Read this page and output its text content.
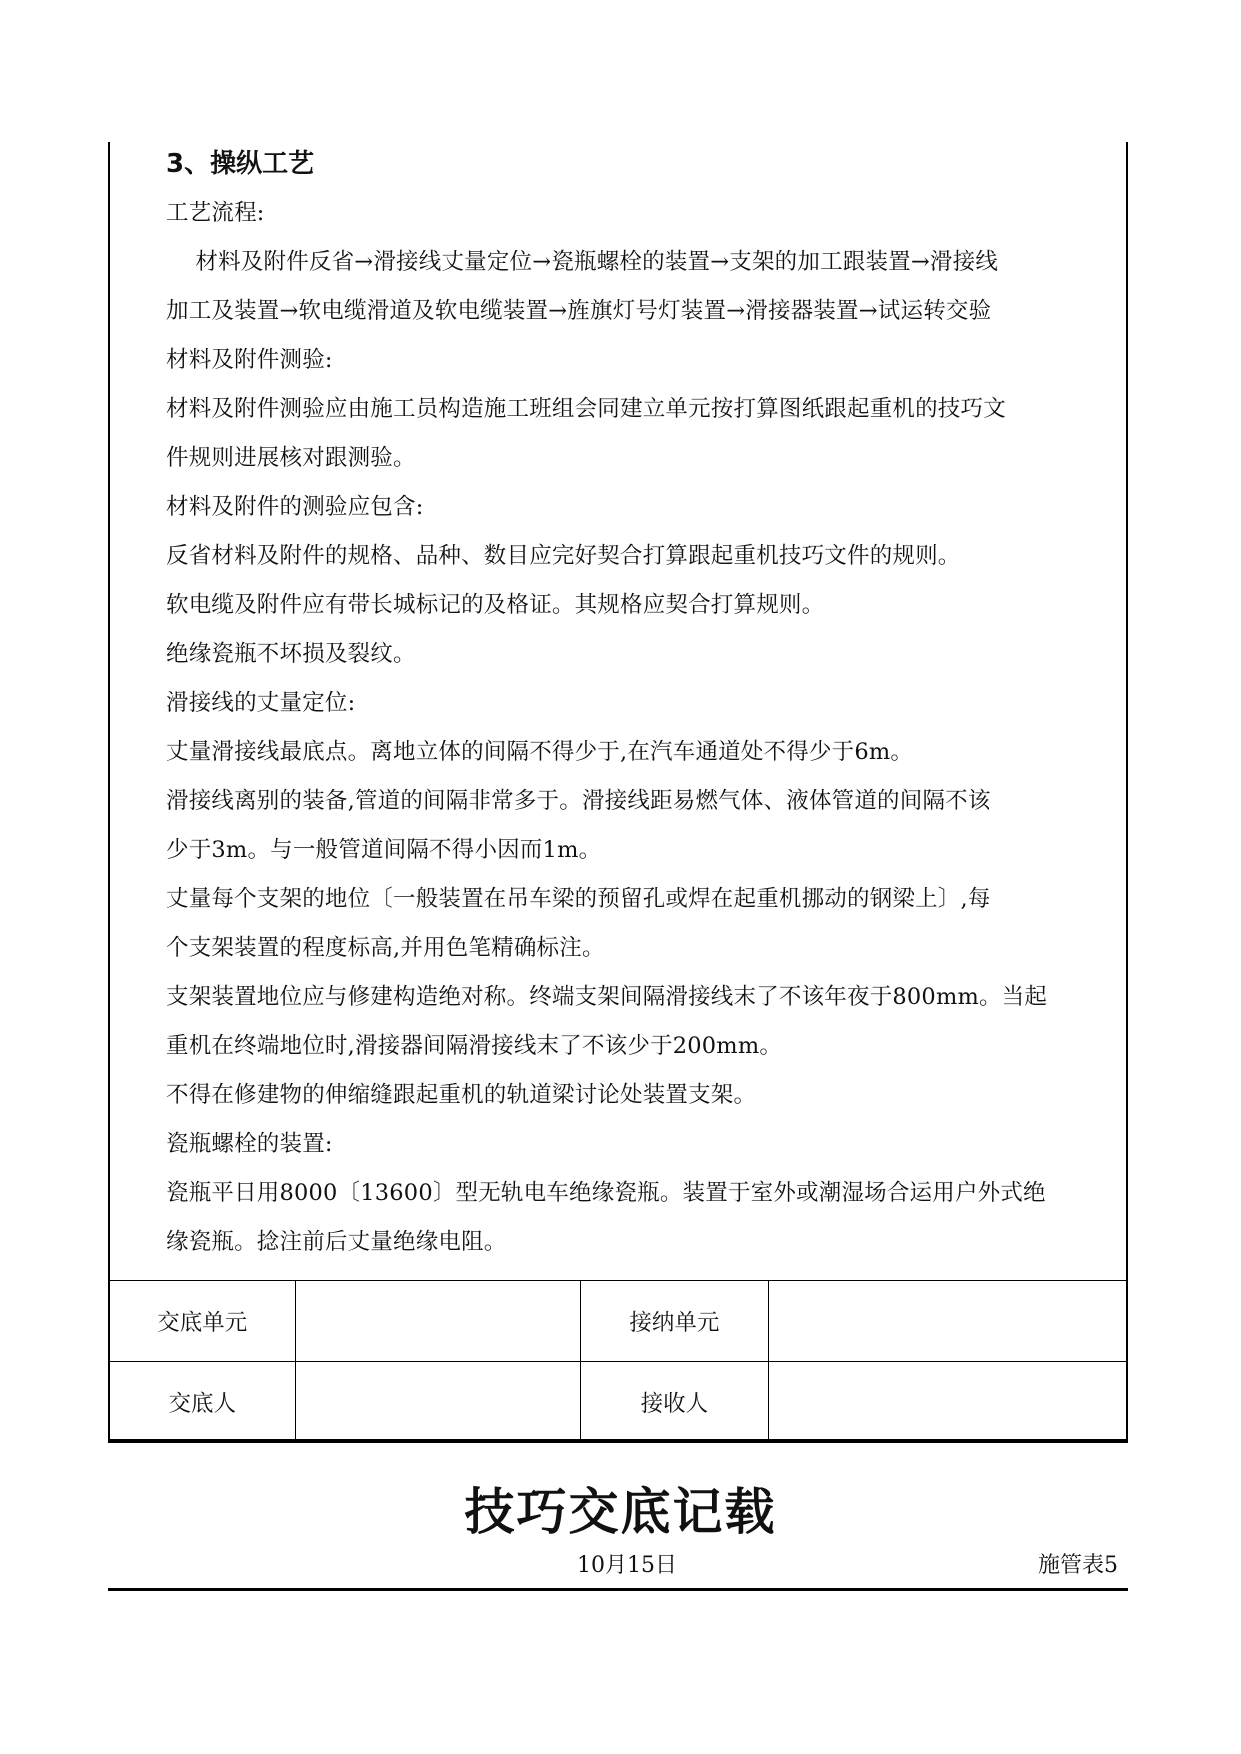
3、操纵工艺
工艺流程:
材料及附件反省→滑接线丈量定位→瓷瓶螺栓的装置→支架的加工跟装置→滑接线
加工及装置→软电缆滑道及软电缆装置→旌旗灯号灯装置→滑接器装置→试运转交验
材料及附件测验:
材料及附件测验应由施工员构造施工班组会同建立单元按打算图纸跟起重机的技巧文
件规则进展核对跟测验。
材料及附件的测验应包含:
反省材料及附件的规格、品种、数目应完好契合打算跟起重机技巧文件的规则。
软电缆及附件应有带长城标记的及格证。其规格应契合打算规则。
绝缘瓷瓶不坏损及裂纹。
滑接线的丈量定位:
丈量滑接线最底点。离地立体的间隔不得少于,在汽车通道处不得少于6m。
滑接线离别的装备,管道的间隔非常多于。滑接线距易燃气体、液体管道的间隔不该
少于3m。与一般管道间隔不得小因而1m。
丈量每个支架的地位〔一般装置在吊车梁的预留孔或焊在起重机挪动的钢梁上〕,每
个支架装置的程度标高,并用色笔精确标注。
支架装置地位应与修建构造绝对称。终端支架间隔滑接线末了不该年夜于800mm。当起
重机在终端地位时,滑接器间隔滑接线末了不该少于200mm。
不得在修建物的伸缩缝跟起重机的轨道梁讨论处装置支架。
瓷瓶螺栓的装置:
瓷瓶平日用8000〔13600〕型无轨电车绝缘瓷瓶。装置于室外或潮湿场合运用户外式绝
缘瓷瓶。捻注前后丈量绝缘电阻。
交底单元		接纳单元	
交底人		接收人	
技巧交底记载
10月15日	施管表5
